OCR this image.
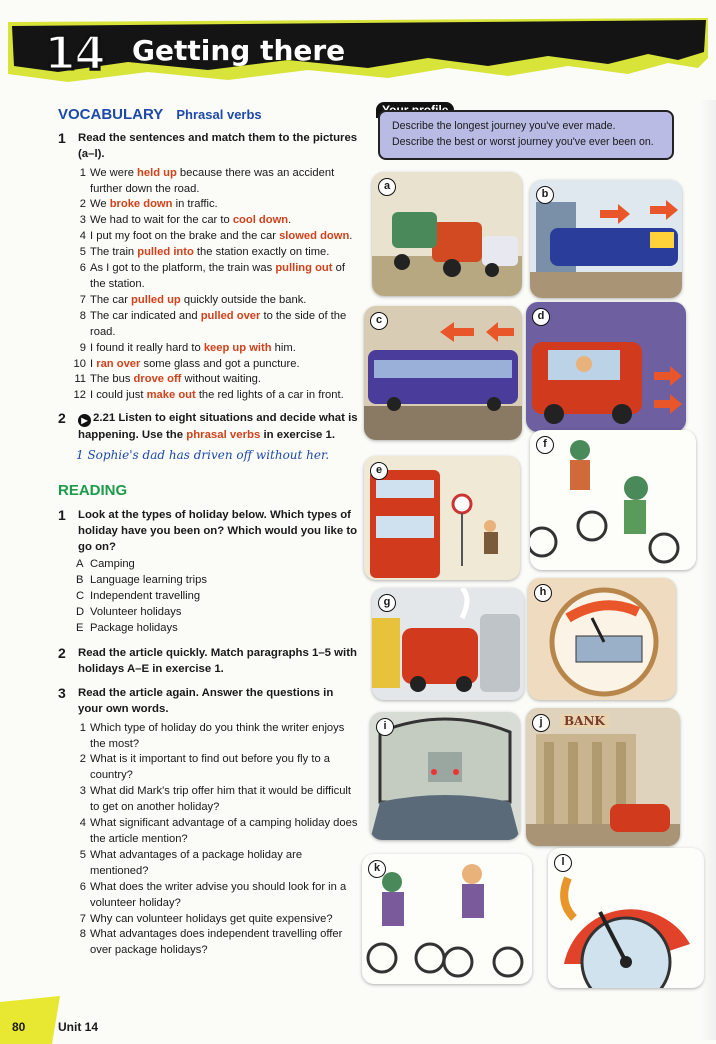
14 Getting there
VOCABULARY Phrasal verbs
1 Read the sentences and match them to the pictures (a–l).
1 We were held up because there was an accident further down the road.
2 We broke down in traffic.
3 We had to wait for the car to cool down.
4 I put my foot on the brake and the car slowed down.
5 The train pulled into the station exactly on time.
6 As I got to the platform, the train was pulling out of the station.
7 The car pulled up quickly outside the bank.
8 The car indicated and pulled over to the side of the road.
9 I found it really hard to keep up with him.
10 I ran over some glass and got a puncture.
11 The bus drove off without waiting.
12 I could just make out the red lights of a car in front.
2 ▶ 2.21 Listen to eight situations and decide what is happening. Use the phrasal verbs in exercise 1.
1 Sophie's dad has driven off without her.
READING
1 Look at the types of holiday below. Which types of holiday have you been on? Which would you like to go on?
A Camping
B Language learning trips
C Independent travelling
D Volunteer holidays
E Package holidays
2 Read the article quickly. Match paragraphs 1–5 with holidays A–E in exercise 1.
3 Read the article again. Answer the questions in your own words.
1 Which type of holiday do you think the writer enjoys the most?
2 What is it important to find out before you fly to a country?
3 What did Mark's trip offer him that it would be difficult to get on another holiday?
4 What significant advantage of a camping holiday does the article mention?
5 What advantages of a package holiday are mentioned?
6 What does the writer advise you should look for in a volunteer holiday?
7 Why can volunteer holidays get quite expensive?
8 What advantages does independent travelling offer over package holidays?
Describe the longest journey you've ever made.
Describe the best or worst journey you've ever been on.
a
b
c	d
e
f
g
h
i	BANK
j
k	l
80	Unit 14
